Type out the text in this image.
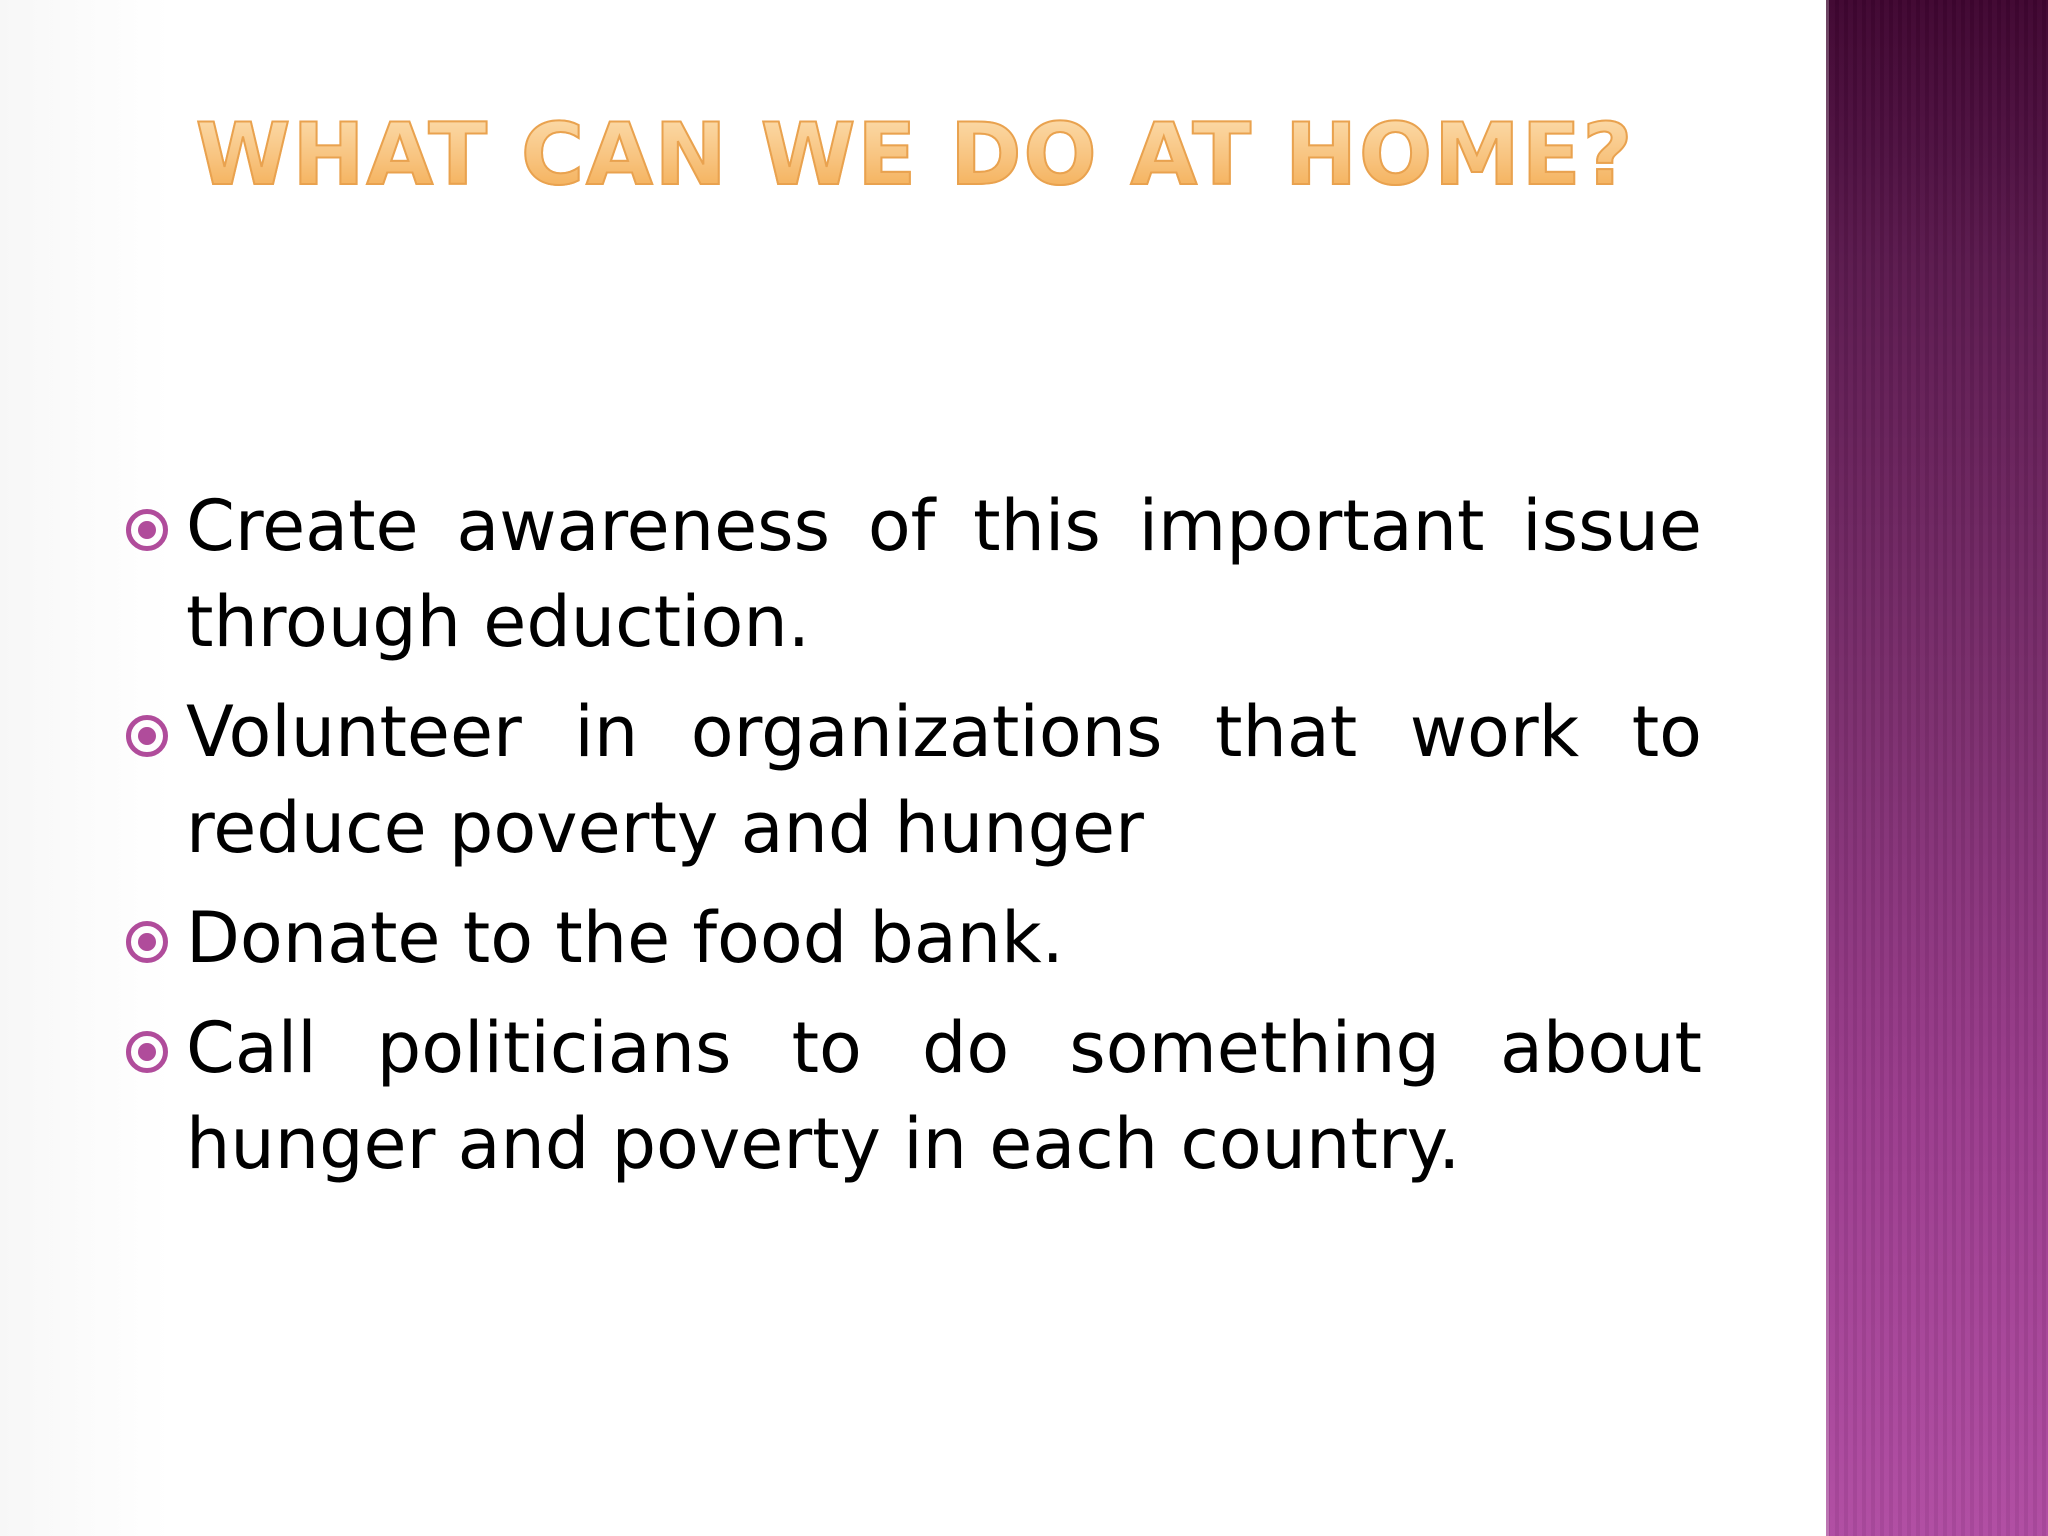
WHAT CAN WE DO AT HOME?
Create awareness of this important issue through eduction.
Volunteer in organizations that work to reduce poverty and hunger
Donate to the food bank.
Call politicians to do something about hunger and poverty in each country.
